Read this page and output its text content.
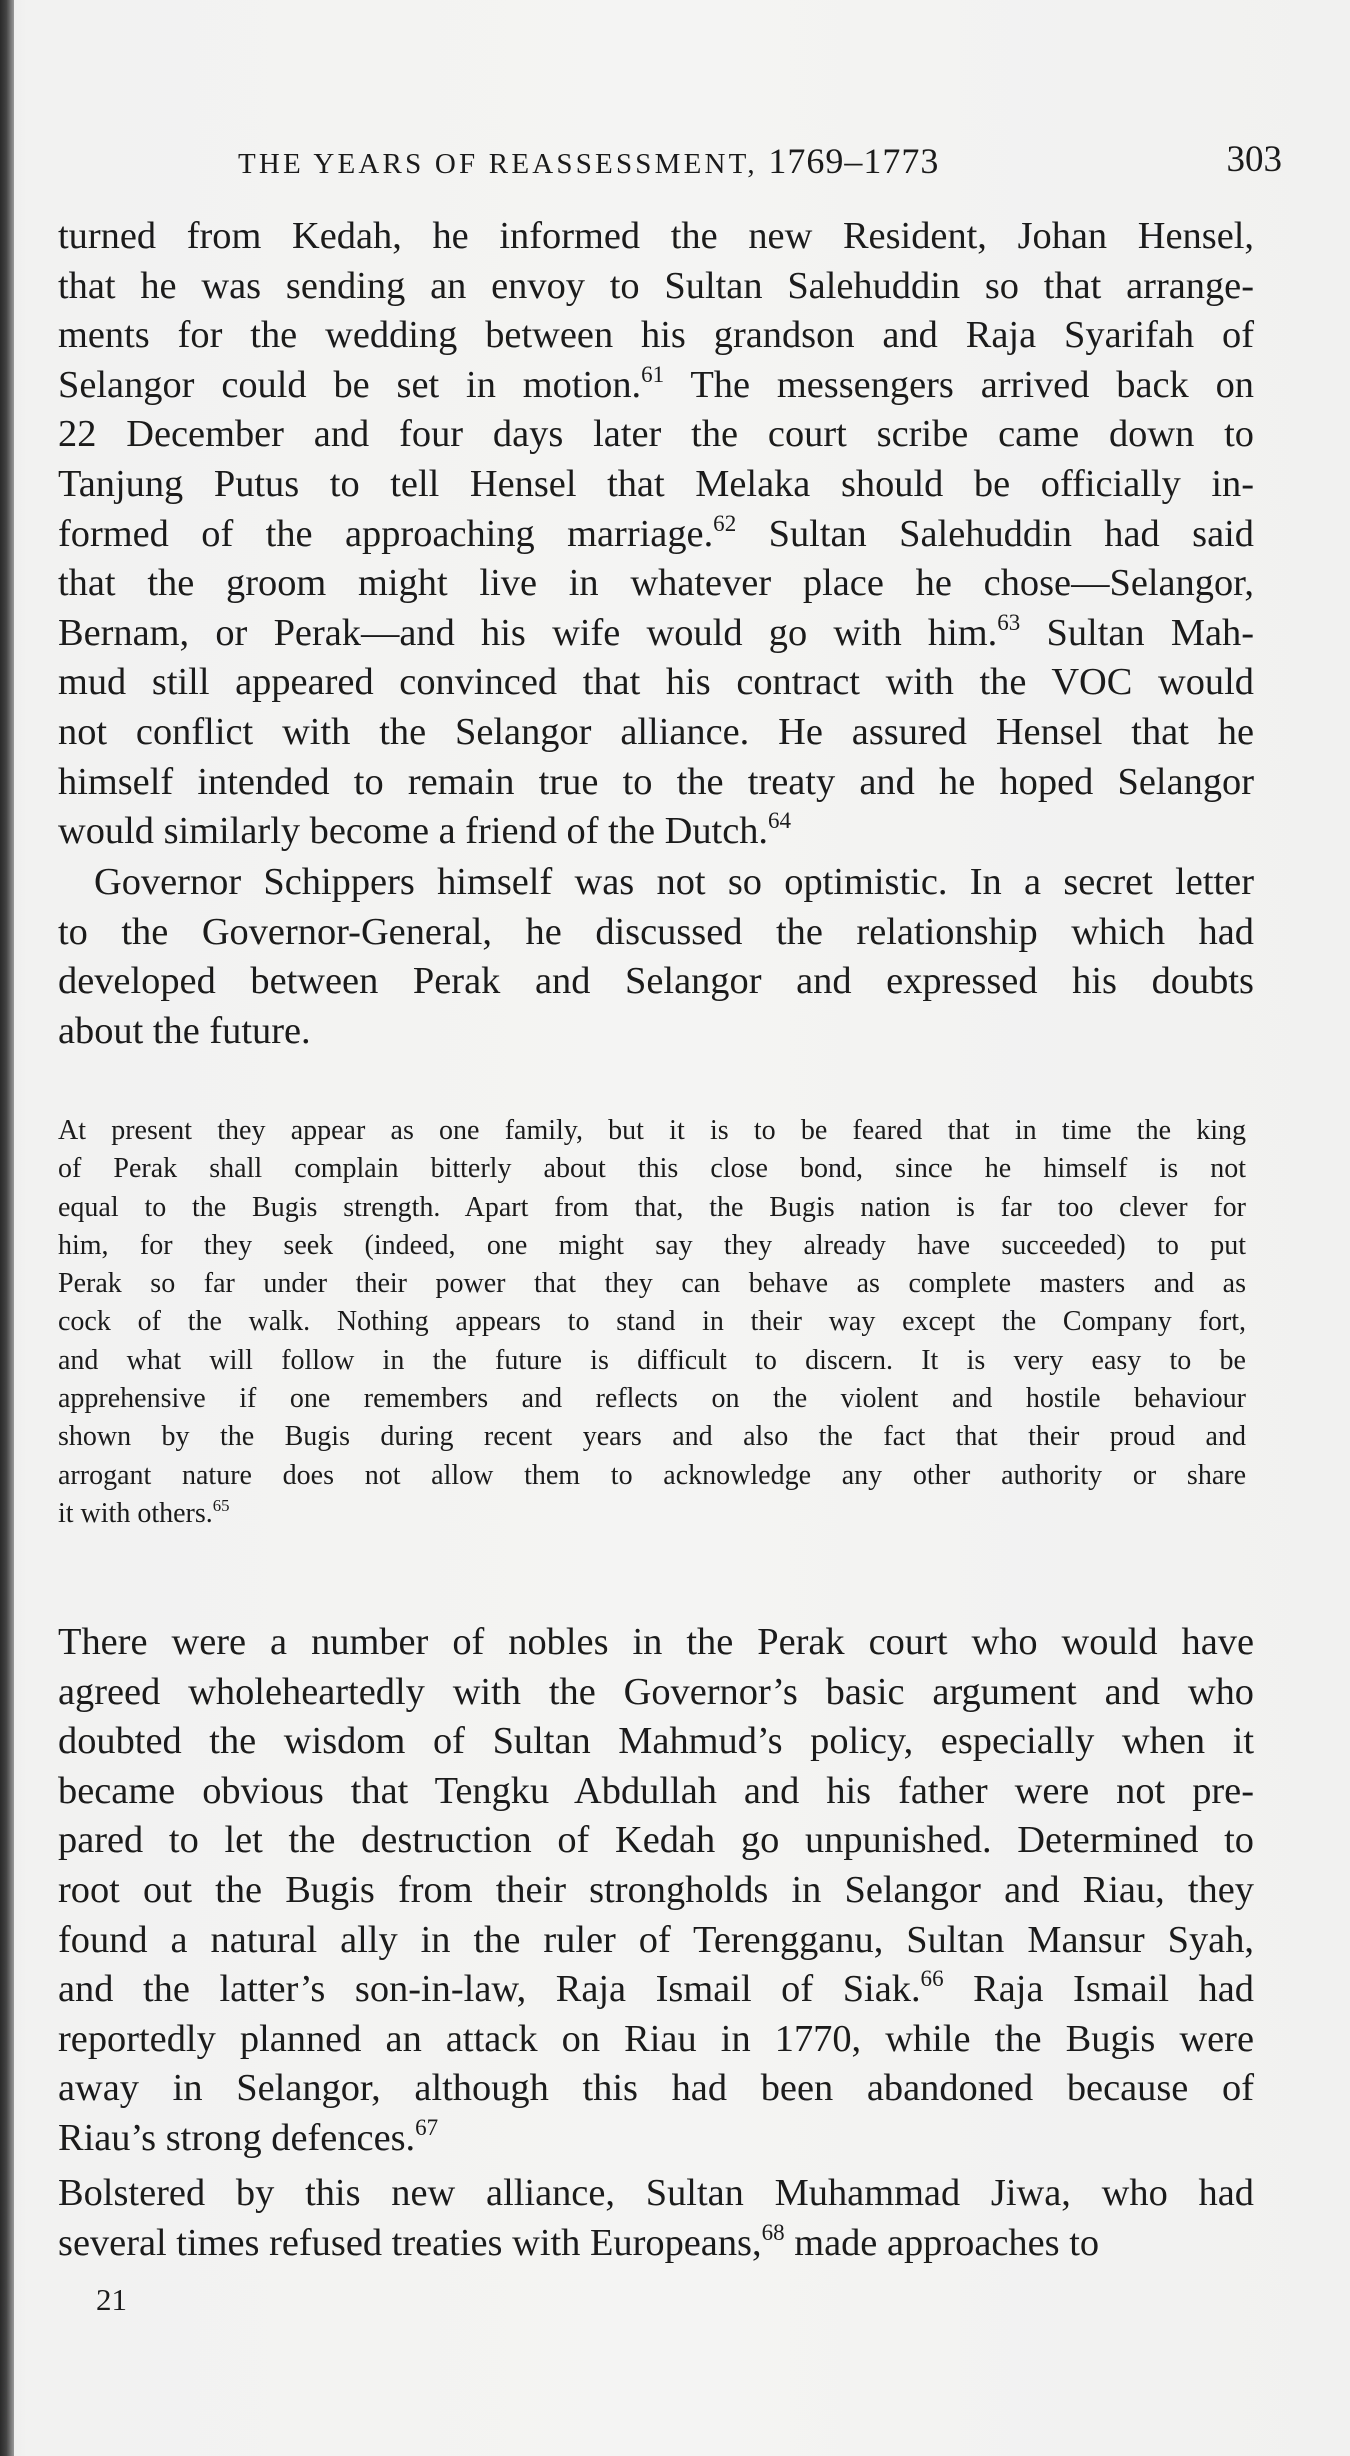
THE YEARS OF REASSESSMENT, 1769–1773	303
turned from Kedah, he informed the new Resident, Johan Hensel,
that he was sending an envoy to Sultan Salehuddin so that arrange-
ments for the wedding between his grandson and Raja Syarifah of
Selangor could be set in motion.$^{61}$ The messengers arrived back on
22 December and four days later the court scribe came down to
Tanjung Putus to tell Hensel that Melaka should be officially in-
formed of the approaching marriage.$^{62}$ Sultan Salehuddin had said
that the groom might live in whatever place he chose—Selangor,
Bernam, or Perak—and his wife would go with him.$^{63}$ Sultan Mah-
mud still appeared convinced that his contract with the VOC would
not conflict with the Selangor alliance. He assured Hensel that he
himself intended to remain true to the treaty and he hoped Selangor
would similarly become a friend of the Dutch.$^{64}$
Governor Schippers himself was not so optimistic. In a secret letter
to the Governor-General, he discussed the relationship which had
developed between Perak and Selangor and expressed his doubts
about the future.
At present they appear as one family, but it is to be feared that in time the king
of Perak shall complain bitterly about this close bond, since he himself is not
equal to the Bugis strength. Apart from that, the Bugis nation is far too clever for
him, for they seek (indeed, one might say they already have succeeded) to put
Perak so far under their power that they can behave as complete masters and as
cock of the walk. Nothing appears to stand in their way except the Company fort,
and what will follow in the future is difficult to discern. It is very easy to be
apprehensive if one remembers and reflects on the violent and hostile behaviour
shown by the Bugis during recent years and also the fact that their proud and
arrogant nature does not allow them to acknowledge any other authority or share
it with others.$^{65}$
There were a number of nobles in the Perak court who would have
agreed wholeheartedly with the Governor’s basic argument and who
doubted the wisdom of Sultan Mahmud’s policy, especially when it
became obvious that Tengku Abdullah and his father were not pre-
pared to let the destruction of Kedah go unpunished. Determined to
root out the Bugis from their strongholds in Selangor and Riau, they
found a natural ally in the ruler of Terengganu, Sultan Mansur Syah,
and the latter’s son-in-law, Raja Ismail of Siak.$^{66}$ Raja Ismail had
reportedly planned an attack on Riau in 1770, while the Bugis were
away in Selangor, although this had been abandoned because of
Riau’s strong defences.$^{67}$
Bolstered by this new alliance, Sultan Muhammad Jiwa, who had
several times refused treaties with Europeans,$^{68}$ made approaches to
21
